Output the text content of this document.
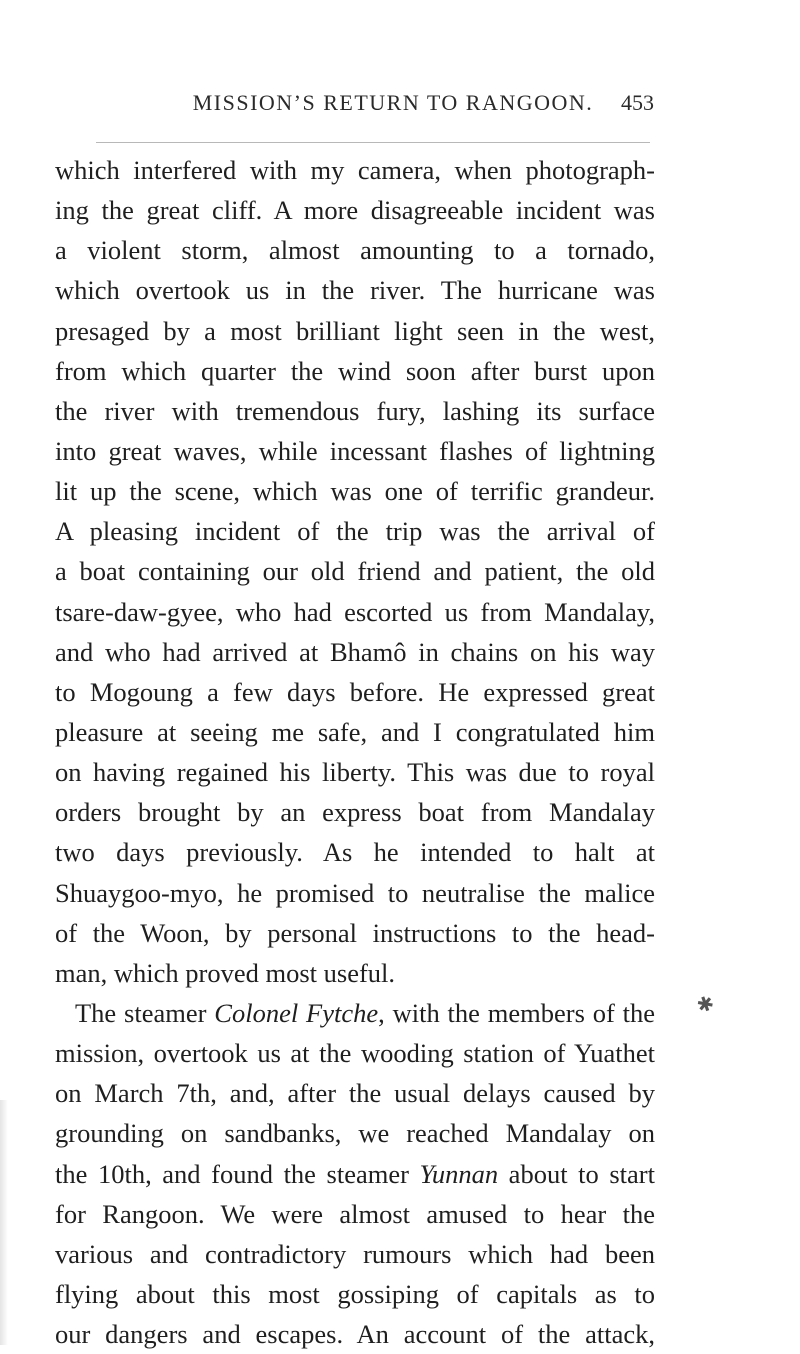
MISSION’S RETURN TO RANGOON.	453
which interfered with my camera, when photograph-
ing the great cliff. A more disagreeable incident was
a violent storm, almost amounting to a tornado,
which overtook us in the river. The hurricane was
presaged by a most brilliant light seen in the west,
from which quarter the wind soon after burst upon
the river with tremendous fury, lashing its surface
into great waves, while incessant flashes of lightning
lit up the scene, which was one of terrific grandeur.
A pleasing incident of the trip was the arrival of
a boat containing our old friend and patient, the old
tsare-daw-gyee, who had escorted us from Mandalay,
and who had arrived at Bhamô in chains on his way
to Mogoung a few days before. He expressed great
pleasure at seeing me safe, and I congratulated him
on having regained his liberty. This was due to royal
orders brought by an express boat from Mandalay
two days previously. As he intended to halt at
Shuaygoo-myo, he promised to neutralise the malice
of the Woon, by personal instructions to the head-
man, which proved most useful.
The steamer Colonel Fytche, with the members of the
mission, overtook us at the wooding station of Yuathet
on March 7th, and, after the usual delays caused by
grounding on sandbanks, we reached Mandalay on
the 10th, and found the steamer Yunnan about to start
for Rangoon. We were almost amused to hear the
various and contradictory rumours which had been
flying about this most gossiping of capitals as to
our dangers and escapes. An account of the attack,
✱
